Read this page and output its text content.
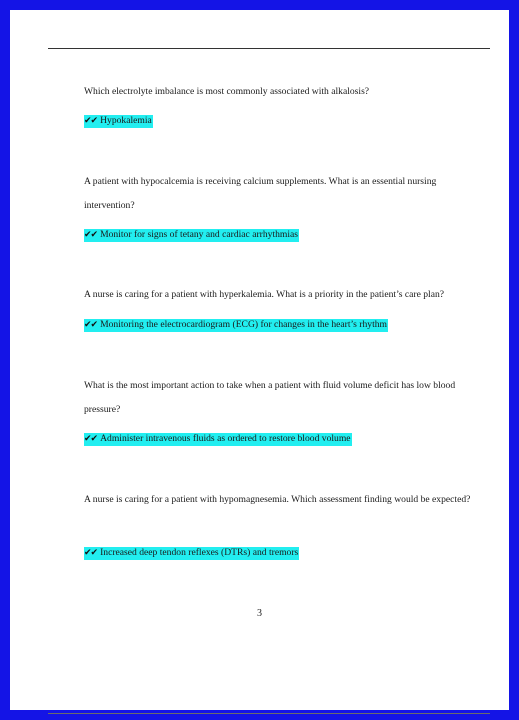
Which electrolyte imbalance is most commonly associated with alkalosis?

✔✔ Hypokalemia

A patient with hypocalcemia is receiving calcium supplements. What is an essential nursing intervention?

✔✔ Monitor for signs of tetany and cardiac arrhythmias

A nurse is caring for a patient with hyperkalemia. What is a priority in the patient’s care plan?

✔✔ Monitoring the electrocardiogram (ECG) for changes in the heart’s rhythm

What is the most important action to take when a patient with fluid volume deficit has low blood pressure?

✔✔ Administer intravenous fluids as ordered to restore blood volume

A nurse is caring for a patient with hypomagnesemia. Which assessment finding would be expected?

✔✔ Increased deep tendon reflexes (DTRs) and tremors

3
